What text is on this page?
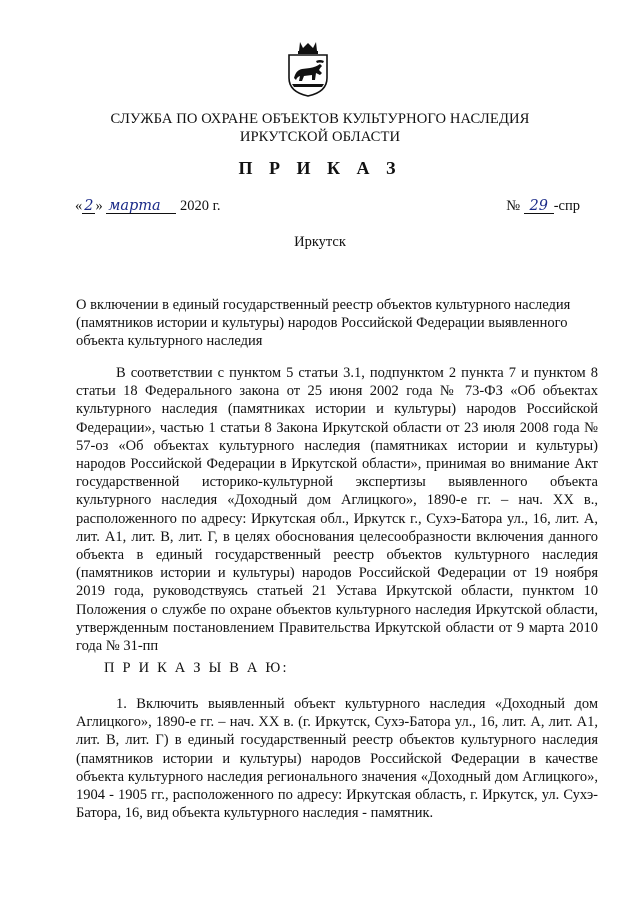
СЛУЖБА ПО ОХРАНЕ ОБЪЕКТОВ КУЛЬТУРНОГО НАСЛЕДИЯ
ИРКУТСКОЙ ОБЛАСТИ
П Р И К А З
« 2 » марта 2020 г.	№ 29 -спр
Иркутск
О включении в единый государственный реестр объектов культурного наследия (памятников истории и культуры) народов Российской Федерации выявленного объекта культурного наследия
В соответствии с пунктом 5 статьи 3.1, подпунктом 2 пункта 7 и пунктом 8 статьи 18 Федерального закона от 25 июня 2002 года № 73-ФЗ «Об объектах культурного наследия (памятниках истории и культуры) народов Российской Федерации», частью 1 статьи 8 Закона Иркутской области от 23 июля 2008 года № 57-оз «Об объектах культурного наследия (памятниках истории и культуры) народов Российской Федерации в Иркутской области», принимая во внимание Акт государственной историко-культурной экспертизы выявленного объекта культурного наследия «Доходный дом Аглицкого», 1890-е гг. – нач. XX в., расположенного по адресу: Иркутская обл., Иркутск г., Сухэ-Батора ул., 16, лит. А, лит. А1, лит. В, лит. Г, в целях обоснования целесообразности включения данного объекта в единый государственный реестр объектов культурного наследия (памятников истории и культуры) народов Российской Федерации от 19 ноября 2019 года, руководствуясь статьей 21 Устава Иркутской области, пунктом 10 Положения о службе по охране объектов культурного наследия Иркутской области, утвержденным постановлением Правительства Иркутской области от 9 марта 2010 года № 31-пп
П Р И К А З Ы В А Ю:
1. Включить выявленный объект культурного наследия «Доходный дом Аглицкого», 1890-е гг. – нач. XX в. (г. Иркутск, Сухэ-Батора ул., 16, лит. А, лит. А1, лит. В, лит. Г) в единый государственный реестр объектов культурного наследия (памятников истории и культуры) народов Российской Федерации в качестве объекта культурного наследия регионального значения «Доходный дом Аглицкого», 1904 - 1905 гг., расположенного по адресу: Иркутская область, г. Иркутск, ул. Сухэ-Батора, 16, вид объекта культурного наследия - памятник.
